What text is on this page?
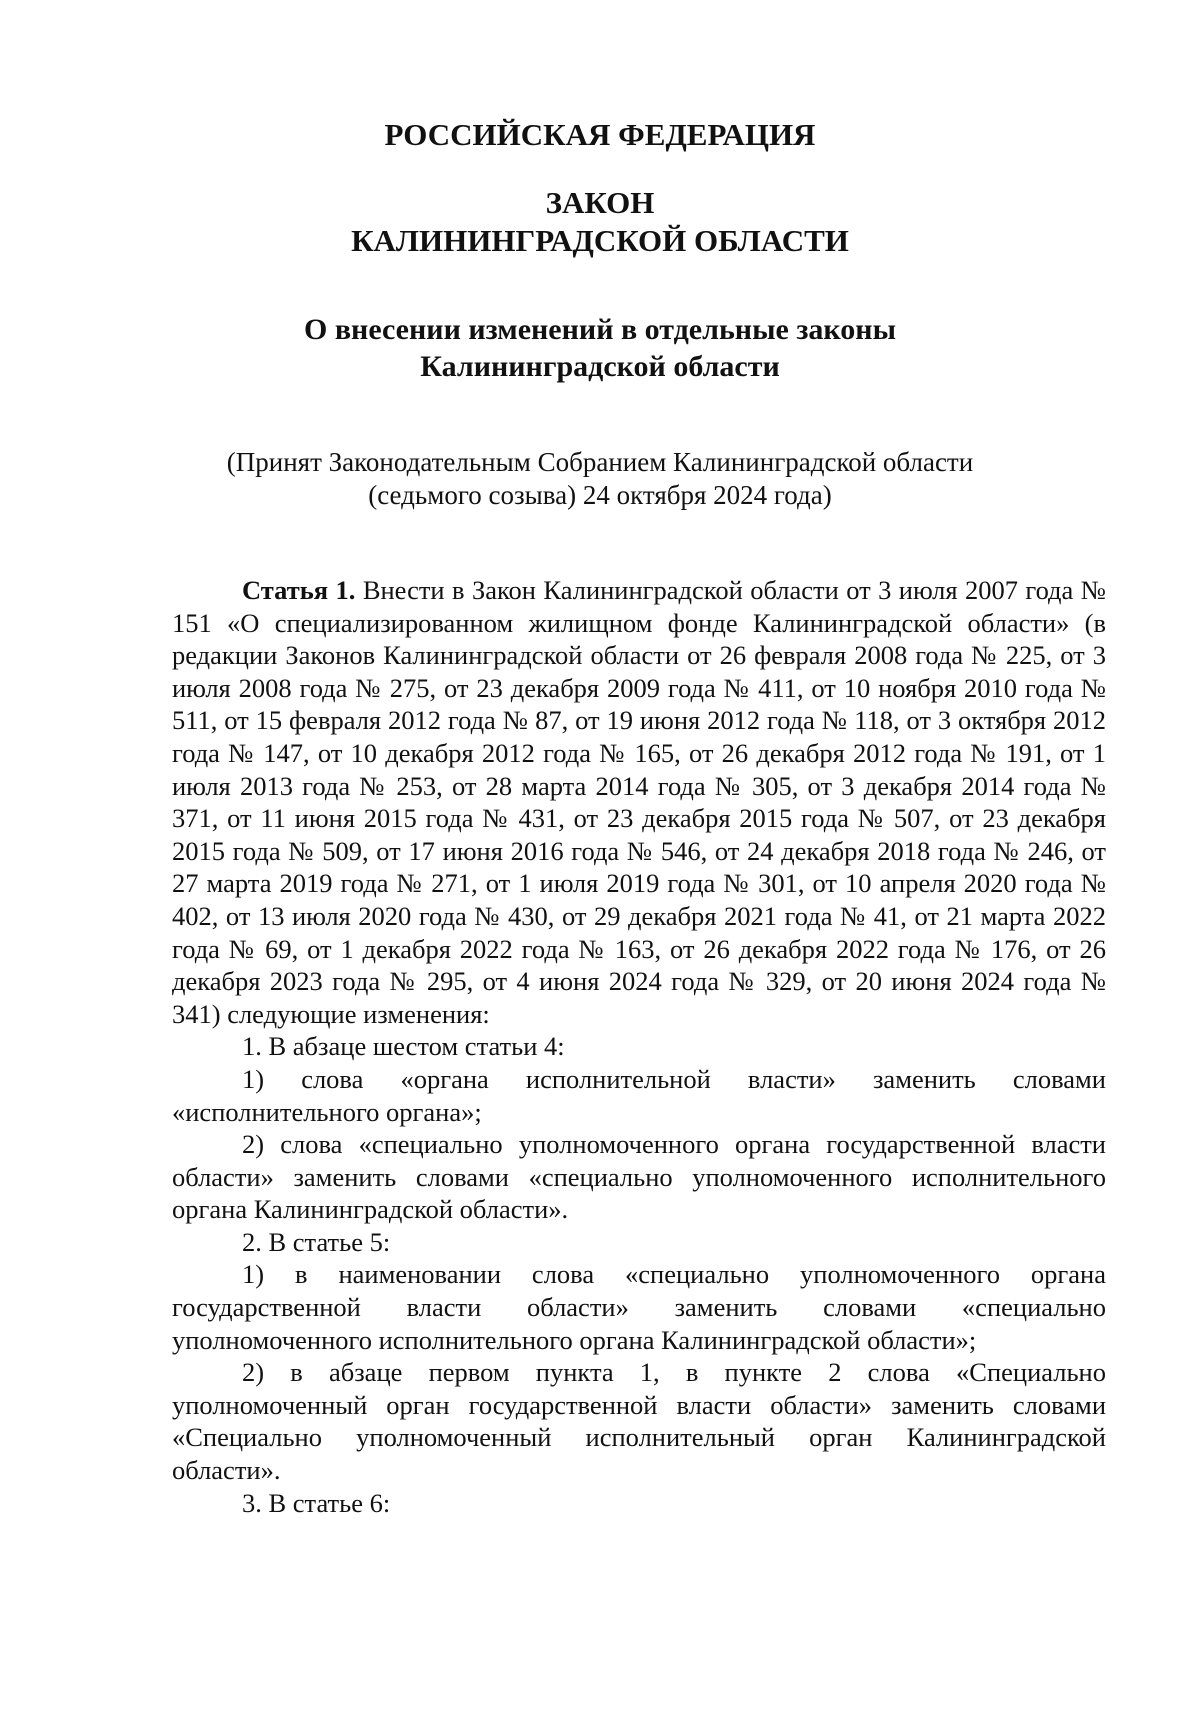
РОССИЙСКАЯ ФЕДЕРАЦИЯ
ЗАКОН
КАЛИНИНГРАДСКОЙ ОБЛАСТИ
О внесении изменений в отдельные законы
Калининградской области
(Принят Законодательным Собранием Калининградской области
(седьмого созыва) 24 октября 2024 года)

Статья 1. Внести в Закон Калининградской области от 3 июля 2007 года № 151 «О специализированном жилищном фонде Калининградской области» (в редакции Законов Калининградской области от 26 февраля 2008 года № 225, от 3 июля 2008 года № 275, от 23 декабря 2009 года № 411, от 10 ноября 2010 года № 511, от 15 февраля 2012 года № 87, от 19 июня 2012 года № 118, от 3 октября 2012 года № 147, от 10 декабря 2012 года № 165, от 26 декабря 2012 года № 191, от 1 июля 2013 года № 253, от 28 марта 2014 года № 305, от 3 декабря 2014 года № 371, от 11 июня 2015 года № 431, от 23 декабря 2015 года № 507, от 23 декабря 2015 года № 509, от 17 июня 2016 года № 546, от 24 декабря 2018 года № 246, от 27 марта 2019 года № 271, от 1 июля 2019 года № 301, от 10 апреля 2020 года № 402, от 13 июля 2020 года № 430, от 29 декабря 2021 года № 41, от 21 марта 2022 года № 69, от 1 декабря 2022 года № 163, от 26 декабря 2022 года № 176, от 26 декабря 2023 года № 295, от 4 июня 2024 года № 329, от 20 июня 2024 года № 341) следующие изменения:

1. В абзаце шестом статьи 4:

1) слова «органа исполнительной власти» заменить словами «исполнительного органа»;

2) слова «специально уполномоченного органа государственной власти области» заменить словами «специально уполномоченного исполнительного органа Калининградской области».

2. В статье 5:

1) в наименовании слова «специально уполномоченного органа государственной власти области» заменить словами «специально уполномоченного исполнительного органа Калининградской области»;

2) в абзаце первом пункта 1, в пункте 2 слова «Специально уполномоченный орган государственной власти области» заменить словами «Специально уполномоченный исполнительный орган Калининградской области».

3. В статье 6:
